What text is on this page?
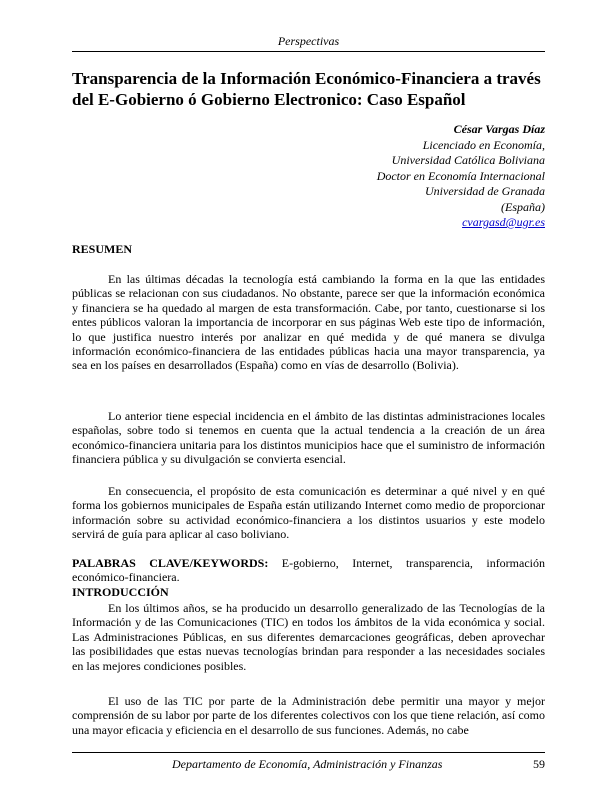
Perspectivas
Transparencia de la Información Económico-Financiera a través del E-Gobierno ó Gobierno Electronico: Caso Español
César Vargas Díaz
Licenciado en Economía,
Universidad Católica Boliviana
Doctor en Economía Internacional
Universidad de Granada
(España)
cvargasd@ugr.es
RESUMEN

En las últimas décadas la tecnología está cambiando la forma en la que las entidades públicas se relacionan con sus ciudadanos. No obstante, parece ser que la información económica y financiera se ha quedado al margen de esta transformación. Cabe, por tanto, cuestionarse si los entes públicos valoran la importancia de incorporar en sus páginas Web este tipo de información, lo que justifica nuestro interés por analizar en qué medida y de qué manera se divulga información económico-financiera de las entidades públicas hacia una mayor transparencia, ya sea en los países en desarrollados (España) como en vías de desarrollo (Bolivia).

Lo anterior tiene especial incidencia en el ámbito de las distintas administraciones locales españolas, sobre todo si tenemos en cuenta que la actual tendencia a la creación de un área económico-financiera unitaria para los distintos municipios hace que el suministro de información financiera pública y su divulgación se convierta esencial.

En consecuencia, el propósito de esta comunicación es determinar a qué nivel y en qué forma los gobiernos municipales de España están utilizando Internet como medio de proporcionar información sobre su actividad económico-financiera a los distintos usuarios y este modelo servirá de guía para aplicar al caso boliviano.

PALABRAS CLAVE/KEYWORDS: E-gobierno, Internet, transparencia, información económico-financiera.

INTRODUCCIÓN

En los últimos años, se ha producido un desarrollo generalizado de las Tecnologías de la Información y de las Comunicaciones (TIC) en todos los ámbitos de la vida económica y social. Las Administraciones Públicas, en sus diferentes demarcaciones geográficas, deben aprovechar las posibilidades que estas nuevas tecnologías brindan para responder a las necesidades sociales en las mejores condiciones posibles.

El uso de las TIC por parte de la Administración debe permitir una mayor y mejor comprensión de su labor por parte de los diferentes colectivos con los que tiene relación, así como una mayor eficacia y eficiencia en el desarrollo de sus funciones. Además, no cabe

Departamento de Economía, Administración y Finanzas	59
